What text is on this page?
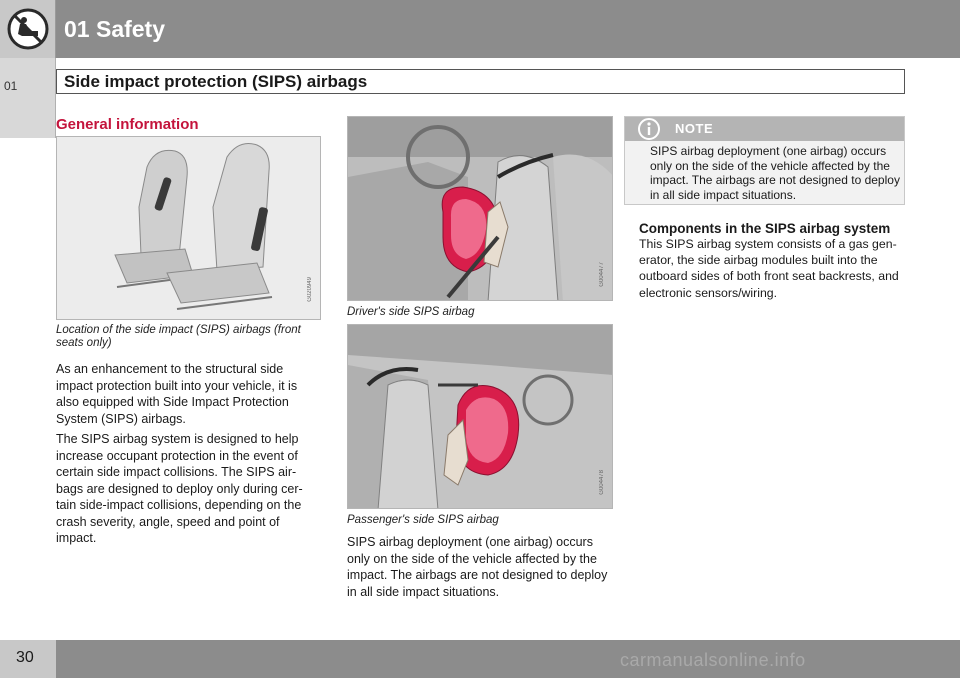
01 Safety
01	Side impact protection (SIPS) airbags
General information
G020949
Location of the side impact (SIPS) airbags (front seats only)
As an enhancement to the structural side impact protection built into your vehicle, it is also equipped with Side Impact Protection System (SIPS) airbags.
The SIPS airbag system is designed to help increase occupant protection in the event of certain side impact collisions. The SIPS air-bags are designed to deploy only during cer-tain side-impact collisions, depending on the crash severity, angle, speed and point of impact.
G004477
Driver's side SIPS airbag
G004478
Passenger's side SIPS airbag
SIPS airbag deployment (one airbag) occurs only on the side of the vehicle affected by the impact. The airbags are not designed to deploy in all side impact situations.
NOTE
SIPS airbag deployment (one airbag) occurs only on the side of the vehicle affected by the impact. The airbags are not designed to deploy in all side impact situations.
Components in the SIPS airbag system
This SIPS airbag system consists of a gas gen-erator, the side airbag modules built into the outboard sides of both front seat backrests, and electronic sensors/wiring.
30	carmanualsonline.info
